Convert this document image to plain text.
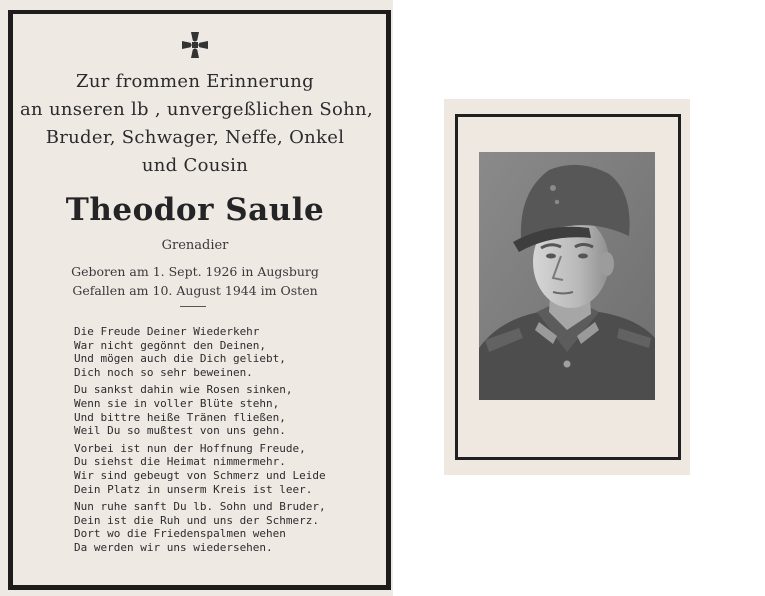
Zur frommen Erinnerung
an unseren lb , unvergeßlichen Sohn,
Bruder, Schwager, Neffe, Onkel
und Cousin
Theodor Saule
Grenadier
Geboren am 1. Sept. 1926 in Augsburg
Gefallen am 10. August 1944 im Osten
Die Freude Deiner Wiederkehr
War nicht gegönnt den Deinen,
Und mögen auch die Dich geliebt,
Dich noch so sehr beweinen.
Du sankst dahin wie Rosen sinken,
Wenn sie in voller Blüte stehn,
Und bittre heiße Tränen fließen,
Weil Du so mußtest von uns gehn.
Vorbei ist nun der Hoffnung Freude,
Du siehst die Heimat nimmermehr.
Wir sind gebeugt von Schmerz und Leide
Dein Platz in unserm Kreis ist leer.
Nun ruhe sanft Du lb. Sohn und Bruder,
Dein ist die Ruh und uns der Schmerz.
Dort wo die Friedenspalmen wehen
Da werden wir uns wiedersehen.
